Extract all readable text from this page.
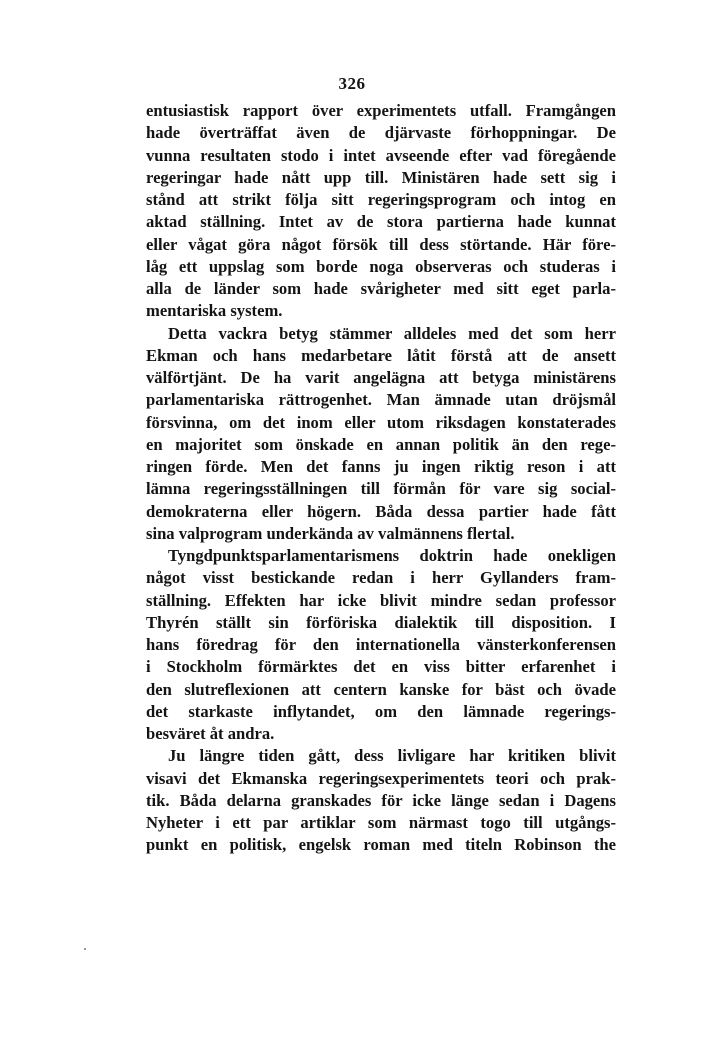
326
entusiastisk rapport över experimentets utfall. Framgången
hade överträffat även de djärvaste förhoppningar. De
vunna resultaten stodo i intet avseende efter vad föregående
regeringar hade nått upp till. Ministären hade sett sig i
stånd att strikt följa sitt regeringsprogram och intog en
aktad ställning. Intet av de stora partierna hade kunnat
eller vågat göra något försök till dess störtande. Här före-
låg ett uppslag som borde noga observeras och studeras i
alla de länder som hade svårigheter med sitt eget parla-
mentariska system.
Detta vackra betyg stämmer alldeles med det som herr
Ekman och hans medarbetare låtit förstå att de ansett
välförtjänt. De ha varit angelägna att betyga ministärens
parlamentariska rättrogenhet. Man ämnade utan dröjsmål
försvinna, om det inom eller utom riksdagen konstaterades
en majoritet som önskade en annan politik än den rege-
ringen förde. Men det fanns ju ingen riktig reson i att
lämna regeringsställningen till förmån för vare sig social-
demokraterna eller högern. Båda dessa partier hade fått
sina valprogram underkända av valmännens flertal.
Tyngdpunktsparlamentarismens doktrin hade onekligen
något visst bestickande redan i herr Gyllanders fram-
ställning. Effekten har icke blivit mindre sedan professor
Thyrén ställt sin förföriska dialektik till disposition. I
hans föredrag för den internationella vänsterkonferensen
i Stockholm förmärktes det en viss bitter erfarenhet i
den slutreflexionen att centern kanske for bäst och övade
det starkaste inflytandet, om den lämnade regerings-
besväret åt andra.
Ju längre tiden gått, dess livligare har kritiken blivit
visavi det Ekmanska regeringsexperimentets teori och prak-
tik. Båda delarna granskades för icke länge sedan i Dagens
Nyheter i ett par artiklar som närmast togo till utgångs-
punkt en politisk, engelsk roman med titeln Robinson the
